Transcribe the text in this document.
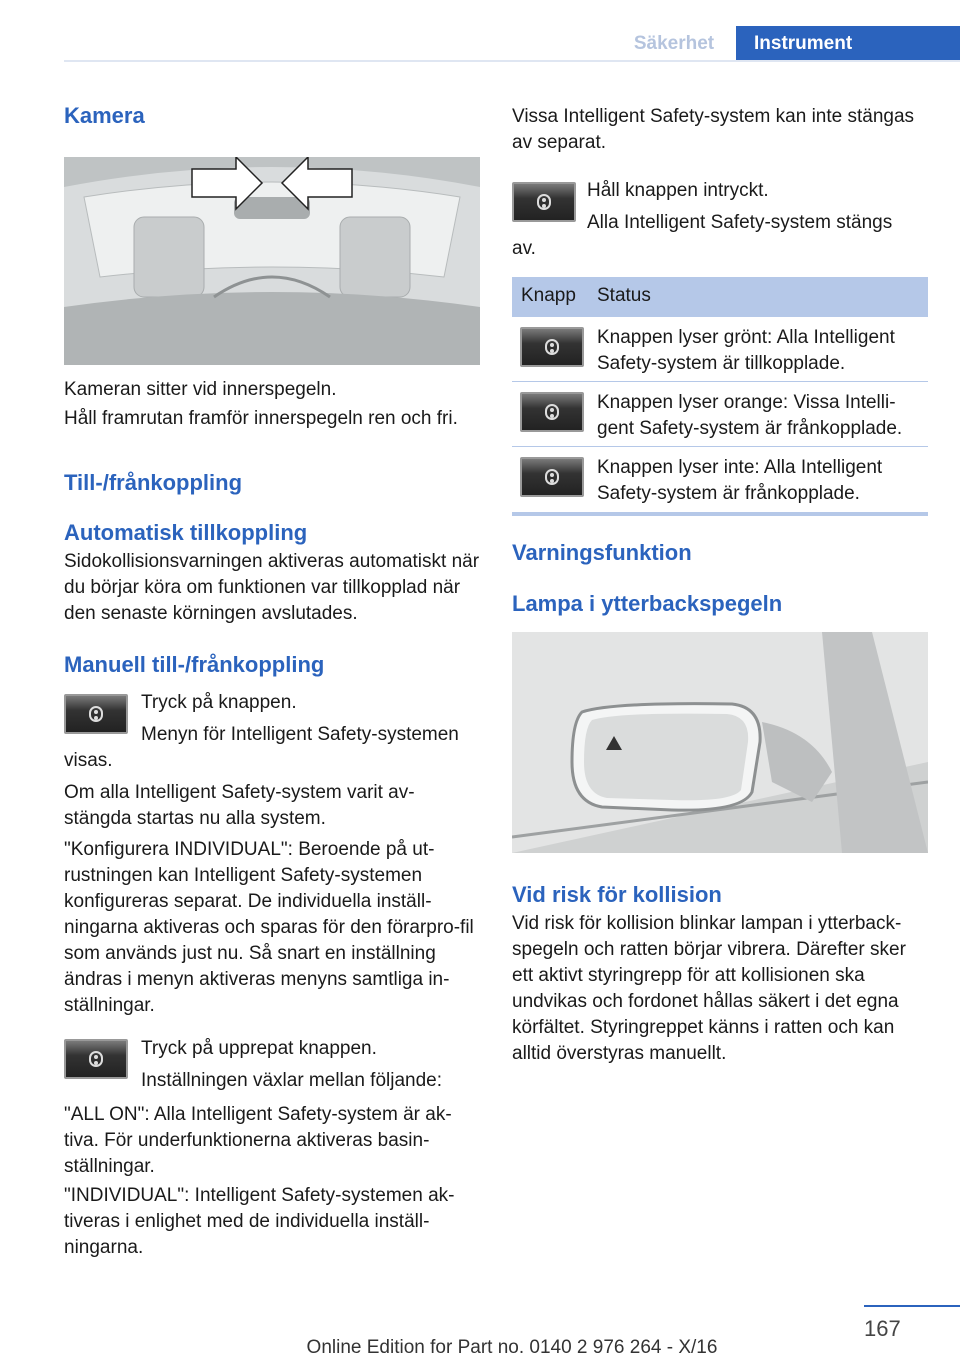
Säkerhet	Instrument
Kamera

Kameran sitter vid innerspegeln.

Håll framrutan framför innerspegeln ren och fri.

Till-/frånkoppling
Automatisk tillkoppling

Sidokollisionsvarningen aktiveras automatiskt när du börjar köra om funktionen var tillkopplad när den senaste körningen avslutades.

Manuell till-/frånkoppling

Tryck på knappen.

Menyn för Intelligent Safety-systemen

visas.

Om alla Intelligent Safety-system varit av-stängda startas nu alla system.

"Konfigurera INDIVIDUAL": Beroende på ut-rustningen kan Intelligent Safety-systemen konfigureras separat. De individuella inställ-ningarna aktiveras och sparas för den förarpro-fil som används just nu. Så snart en inställning ändras i menyn aktiveras menyns samtliga in-ställningar.

Tryck på upprepat knappen.

Inställningen växlar mellan följande:

"ALL ON": Alla Intelligent Safety-system är ak-tiva. För underfunktionerna aktiveras basin-ställningar.

"INDIVIDUAL": Intelligent Safety-systemen ak-tiveras i enlighet med de individuella inställ-ningarna.

Vissa Intelligent Safety-system kan inte stängas av separat.

Håll knappen intryckt.

Alla Intelligent Safety-system stängs

av.

Knapp Status

Knappen lyser grönt: Alla Intelligent Safety-system är tillkopplade.

Knappen lyser orange: Vissa Intelli-gent Safety-system är frånkopplade.

Knappen lyser inte: Alla Intelligent Safety-system är frånkopplade.

Varningsfunktion
Lampa i ytterbackspegeln
Vid risk för kollision

Vid risk för kollision blinkar lampan i ytterback-spegeln och ratten börjar vibrera. Därefter sker ett aktivt styringrepp för att kollisionen ska undvikas och fordonet hållas säkert i det egna körfältet. Styringreppet känns i ratten och kan alltid överstyras manuellt.

167
Online Edition for Part no. 0140 2 976 264 - X/16
